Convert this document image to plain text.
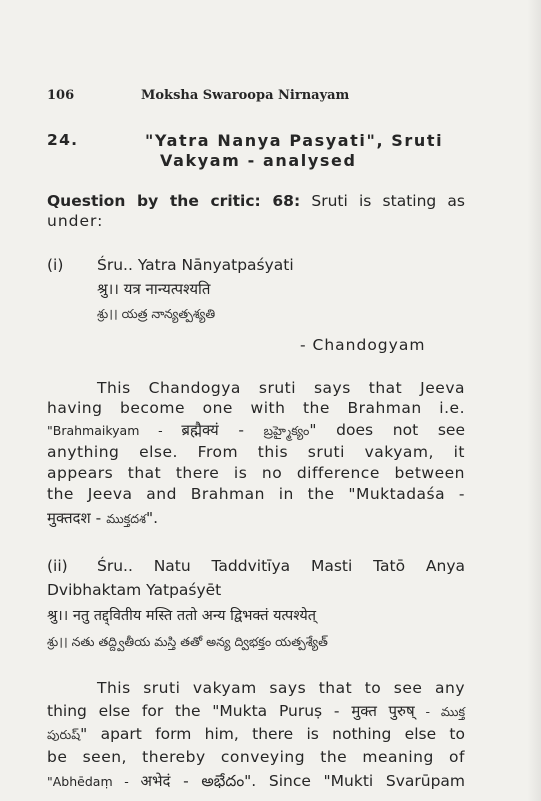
106	Moksha Swaroopa Nirnayam
24.	"Yatra Nanya Pasyati", Sruti
Vakyam - analysed
Question by the critic: 68: Sruti is stating as
under:
(i) Śru.. Yatra Nānyatpaśyati
श्रु।। यत्र नान्यत्पश्यति
శ్రు।। యత్ర నాన్యత్పశ్యతి
- Chandogyam
This Chandogya sruti says that Jeeva
having become one with the Brahman i.e.
"Brahmaikyam - ब्रह्मैक्यं - బ్రహ్మైక్యం" does not see
anything else. From this sruti vakyam, it
appears that there is no difference between
the Jeeva and Brahman in the "Muktadaśa -
मुक्तदश - ముక్తదశ".
(ii) Śru.. Natu Taddvitīya Masti Tatō Anya
Dvibhaktam Yatpaśyēt
श्रु।। नतु तद्द्वितीय मस्ति ततो अन्य द्विभक्तं यत्पश्येत्
శ్రు।। నతు తద్ద్వితీయ మస్తి తతో అన్య ద్విభక్తం యత్పశ్యేత్
This sruti vakyam says that to see any
thing else for the "Mukta Puruṣ - मुक्त पुरुष् - ముక్త
పురుష్" apart form him, there is nothing else to
be seen, thereby conveying the meaning of
"Abhēdaṃ - अभेदं - అభేదం". Since "Mukti Svarūpam
